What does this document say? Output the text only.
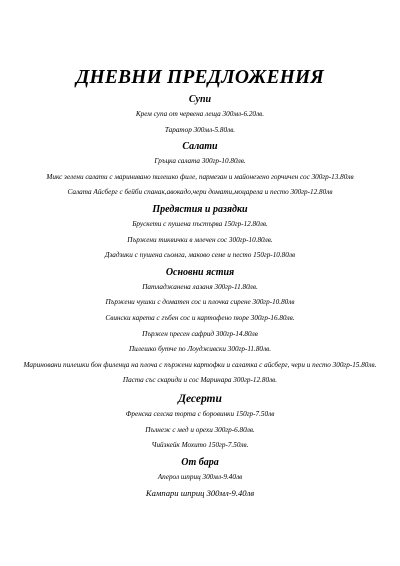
ДНЕВНИ ПРЕДЛОЖЕНИЯ
Супи
Крем супа от червена леща 300мл-6.20лв.
Таратор 300мл-5.80лв.
Салати
Гръцка салата 300гр-10.80лв.
Микс зелени салати с маринивано пилешко филе, пармезан и майонезено горчичен сос 300гр-13.80лв
Салата Айсберг с бейби спанак,авокадо,чери домати,моцарела и песто 300гр-12.80лв
Предястия и разядки
Брускети с пушена пъстърва 150гр-12.80лв.
Пържени тиквички в млечен сос 300гр-10.80лв.
Дзадзики с пушена сьомга, маково семе и песто 150гр-10.80лв
Основни ястия
Патладжанена лазаня 300гр-11.80лв.
Пържени чушки с доматен сос и плочка сирене 300гр-10.80лв
Свински карета с гъбен сос и картофено пюре 300гр-16.80лв.
Пържен пресен сафрид 300гр-14.80лв
Пилешко бутче по Лоудживски 300гр-11.80лв.
Мариновани пилешки бон филенца на плоча с пържени картофки и салатка с айсберг, чери и песто 300гр-15.80лв.
Паста със скариди и сос Маринара 300гр-12.80лв.
Десерти
Френска селска торта с боровинки 150гр-7.50лв
Пълнеж с мед и орехи 300гр-6.80лв.
Чийзкейк Мохито 150гр-7.50лв.
От бара
Аперол шприц 300мл-9.40лв
Кампари шприц 300мл-9.40лв
